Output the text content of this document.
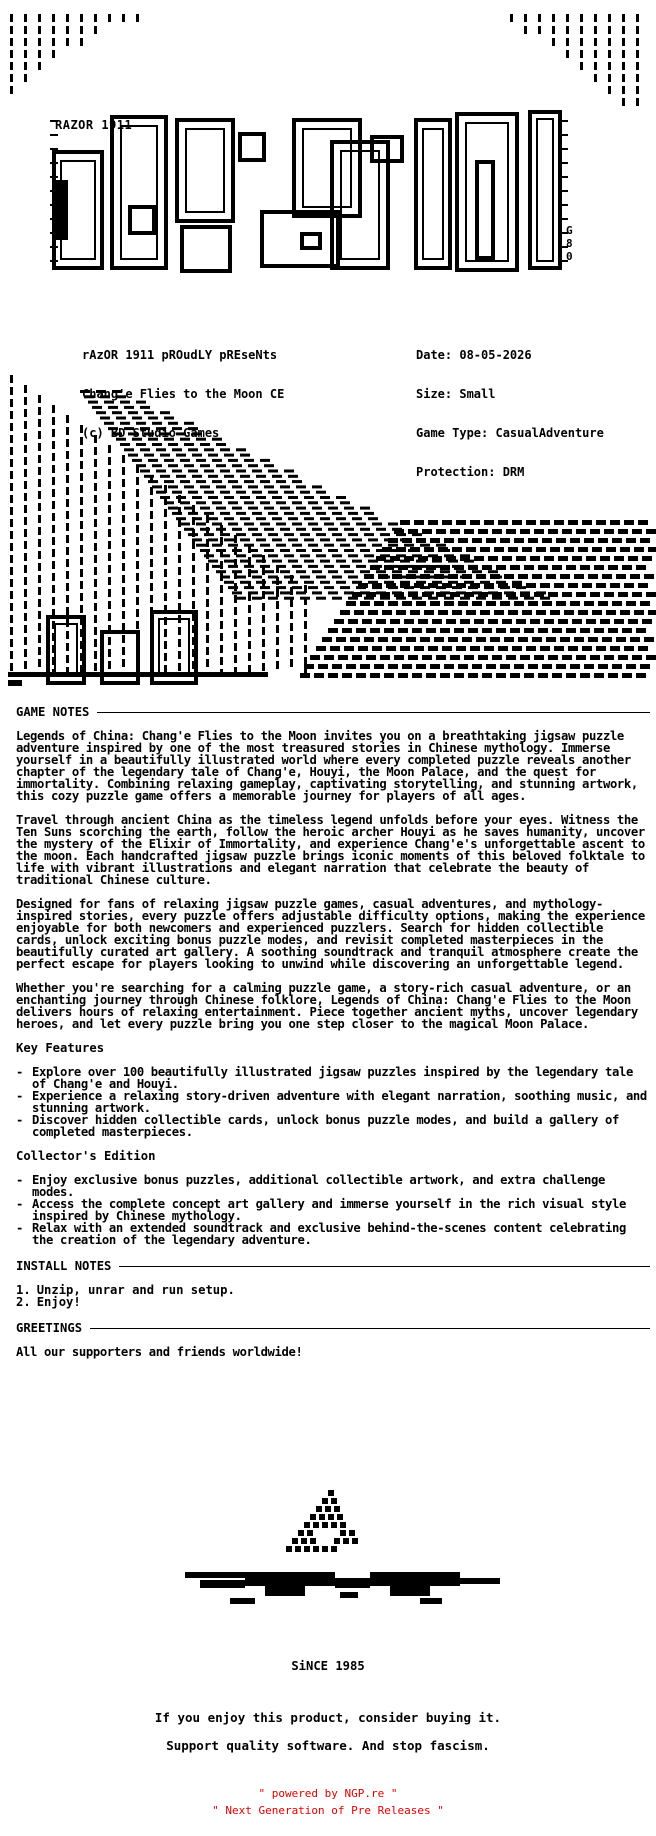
RAZOR 1911
G80

rAzOR 1911 pROudLY pREseNts

Chang'e Flies to the Moon CE

(c) BD Studio Games

Date: 08-05-2026

Size: Small

Game Type: CasualAdventure

Protection: DRM

GAME NOTES

Legends of China: Chang'e Flies to the Moon invites you on a breathtaking jigsaw puzzle adventure inspired by one of the most treasured stories in Chinese mythology. Immerse yourself in a beautifully illustrated world where every completed puzzle reveals another chapter of the legendary tale of Chang'e, Houyi, the Moon Palace, and the quest for immortality. Combining relaxing gameplay, captivating storytelling, and stunning artwork, this cozy puzzle game offers a memorable journey for players of all ages.

Travel through ancient China as the timeless legend unfolds before your eyes. Witness the Ten Suns scorching the earth, follow the heroic archer Houyi as he saves humanity, uncover the mystery of the Elixir of Immortality, and experience Chang'e's unforgettable ascent to the moon. Each handcrafted jigsaw puzzle brings iconic moments of this beloved folktale to life with vibrant illustrations and elegant narration that celebrate the beauty of traditional Chinese culture.

Designed for fans of relaxing jigsaw puzzle games, casual adventures, and mythology-inspired stories, every puzzle offers adjustable difficulty options, making the experience enjoyable for both newcomers and experienced puzzlers. Search for hidden collectible cards, unlock exciting bonus puzzle modes, and revisit completed masterpieces in the beautifully curated art gallery. A soothing soundtrack and tranquil atmosphere create the perfect escape for players looking to unwind while discovering an unforgettable legend.

Whether you're searching for a calming puzzle game, a story-rich casual adventure, or an enchanting journey through Chinese folklore, Legends of China: Chang'e Flies to the Moon delivers hours of relaxing entertainment. Piece together ancient myths, uncover legendary heroes, and let every puzzle bring you one step closer to the magical Moon Palace.

Key Features
- Explore over 100 beautifully illustrated jigsaw puzzles inspired by the legendary tale of Chang'e and Houyi.
- Experience a relaxing story-driven adventure with elegant narration, soothing music, and stunning artwork.
- Discover hidden collectible cards, unlock bonus puzzle modes, and build a gallery of completed masterpieces.
Collector's Edition
- Enjoy exclusive bonus puzzles, additional collectible artwork, and extra challenge modes.
- Access the complete concept art gallery and immerse yourself in the rich visual style inspired by Chinese mythology.
- Relax with an extended soundtrack and exclusive behind-the-scenes content celebrating the creation of the legendary adventure.
INSTALL NOTES
1. Unzip, unrar and run setup.
2. Enjoy!
GREETINGS

All our supporters and friends worldwide!

SiNCE 1985
If you enjoy this product, consider buying it.
Support quality software. And stop fascism.
" powered by NGP.re "
" Next Generation of Pre Releases "
